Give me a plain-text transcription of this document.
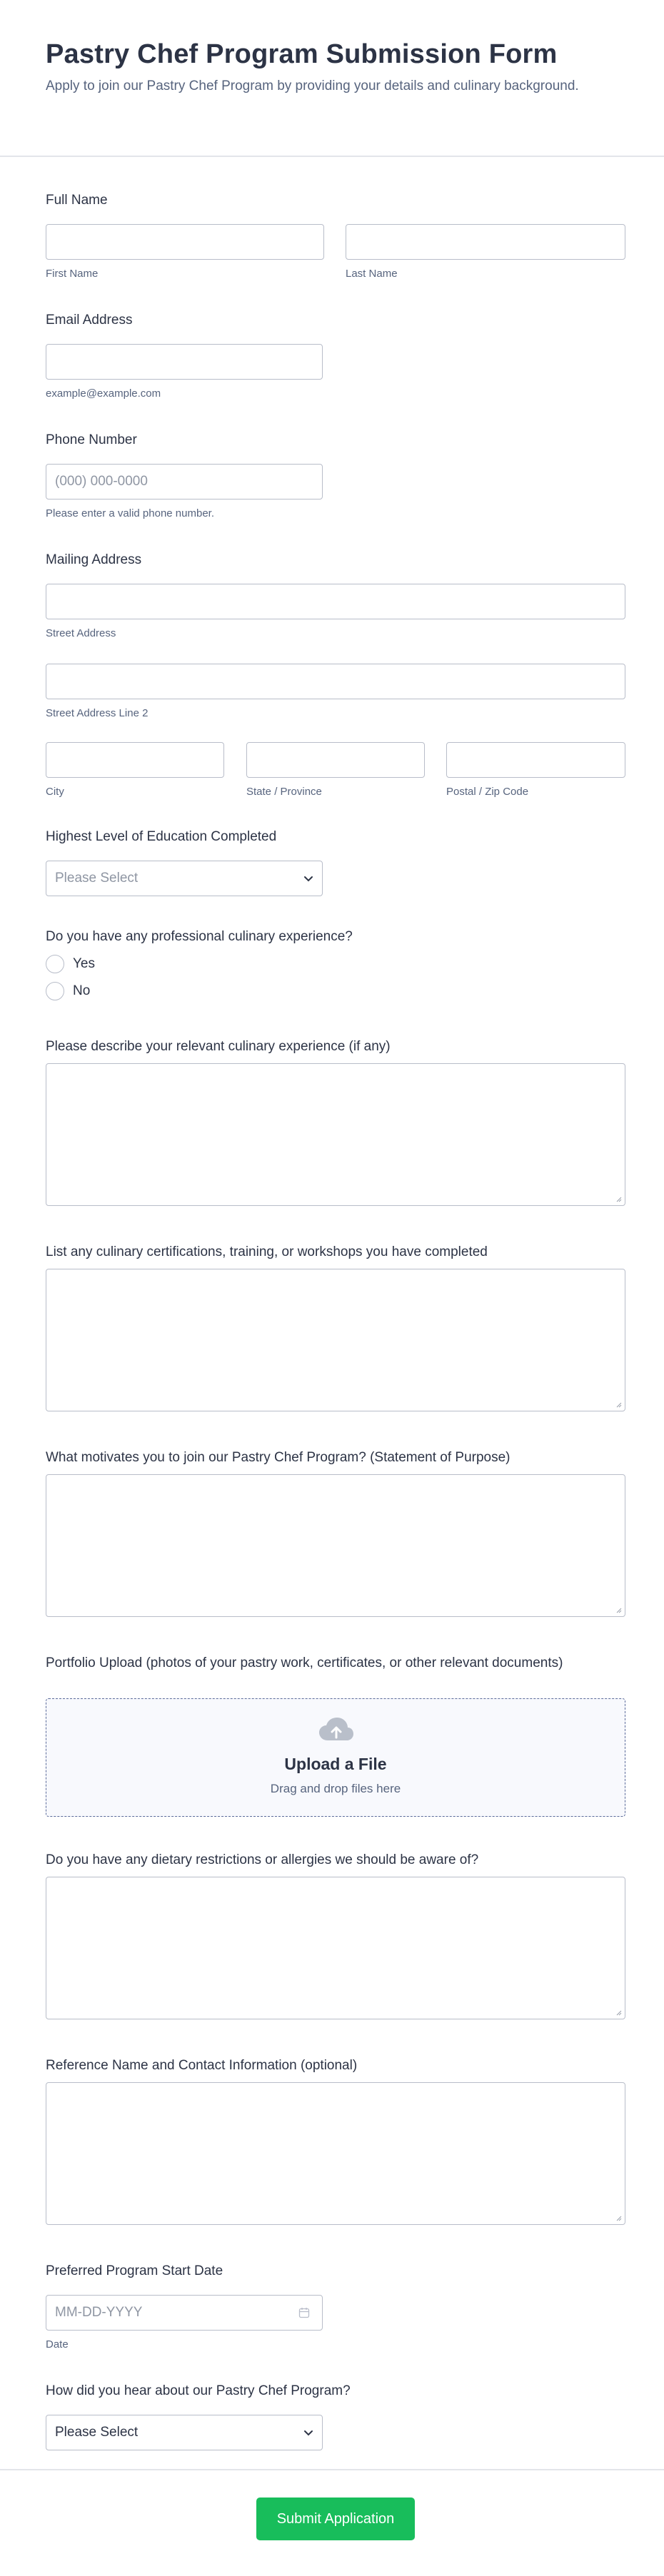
Pastry Chef Program Submission Form

Apply to join our Pastry Chef Program by providing your details and culinary background.

Full Name
First Name	Last Name
Email Address
example@example.com
Phone Number
(000) 000-0000
Please enter a valid phone number.
Mailing Address
Street Address
Street Address Line 2
City	State / Province	Postal / Zip Code
Highest Level of Education Completed
Please Select
Do you have any professional culinary experience?
Yes
No
Please describe your relevant culinary experience (if any)
List any culinary certifications, training, or workshops you have completed
What motivates you to join our Pastry Chef Program? (Statement of Purpose)
Portfolio Upload (photos of your pastry work, certificates, or other relevant documents)
Upload a File
Drag and drop files here
Do you have any dietary restrictions or allergies we should be aware of?
Reference Name and Contact Information (optional)
Preferred Program Start Date
MM-DD-YYYY
Date
How did you hear about our Pastry Chef Program?
Please Select
Submit Application
